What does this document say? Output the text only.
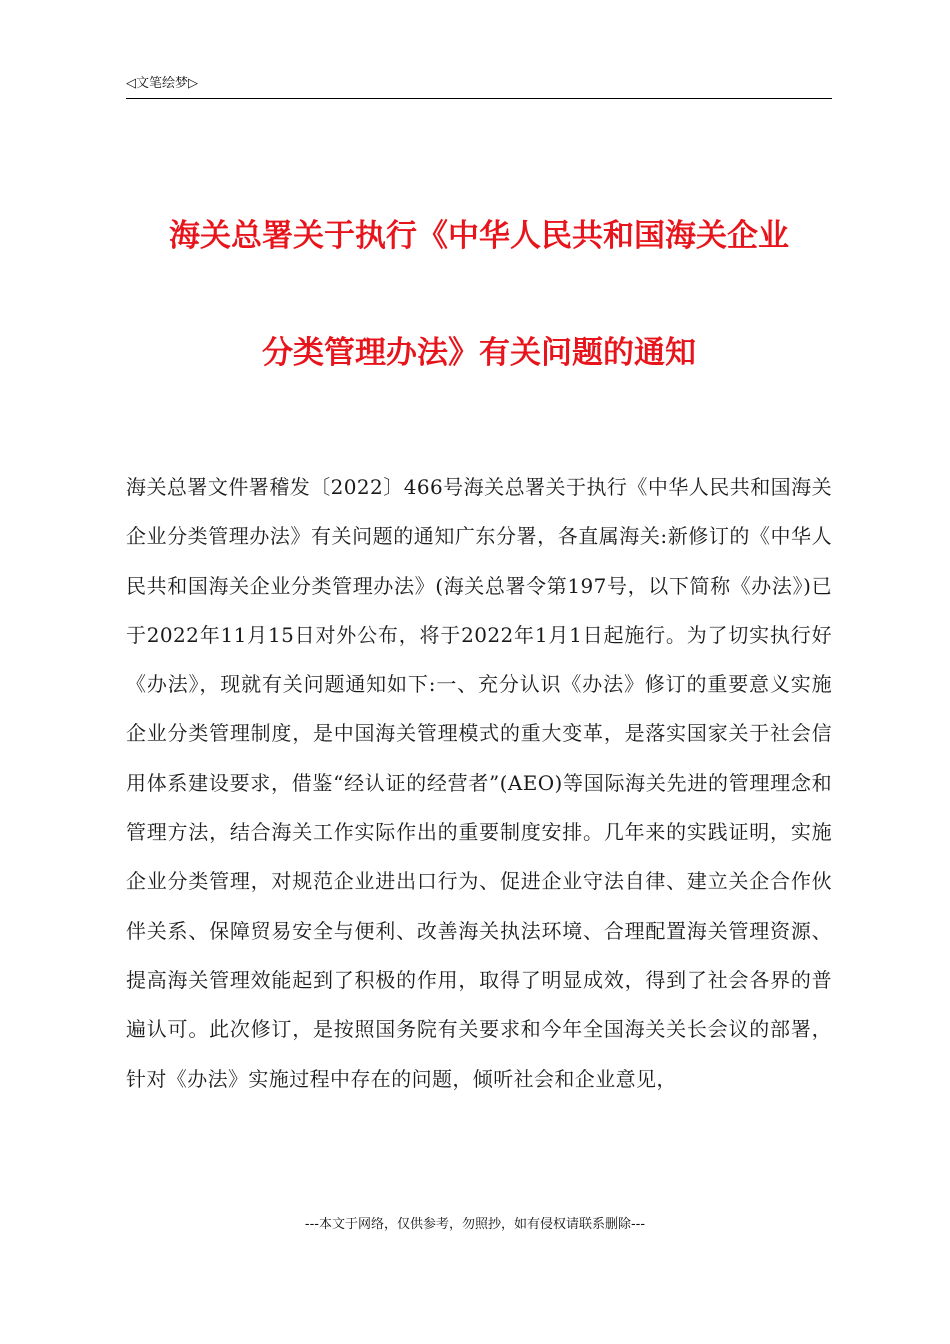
◁文笔绘梦▷
海关总署关于执行《中华人民共和国海关企业
分类管理办法》有关问题的通知

海关总署文件署稽发〔2022〕466号海关总署关于执行《中华人民共和国海关企业分类管理办法》有关问题的通知广东分署，各直属海关:新修订的《中华人民共和国海关企业分类管理办法》(海关总署令第197号，以下简称《办法》)已于2022年11月15日对外公布，将于2022年1月1日起施行。为了切实执行好《办法》，现就有关问题通知如下:一、充分认识《办法》修订的重要意义实施企业分类管理制度，是中国海关管理模式的重大变革，是落实国家关于社会信用体系建设要求，借鉴“经认证的经营者”(AEO)等国际海关先进的管理理念和管理方法，结合海关工作实际作出的重要制度安排。几年来的实践证明，实施企业分类管理，对规范企业进出口行为、促进企业守法自律、建立关企合作伙伴关系、保障贸易安全与便利、改善海关执法环境、合理配置海关管理资源、提高海关管理效能起到了积极的作用，取得了明显成效，得到了社会各界的普遍认可。此次修订，是按照国务院有关要求和今年全国海关关长会议的部署，针对《办法》实施过程中存在的问题，倾听社会和企业意见，

---本文于网络，仅供参考，勿照抄，如有侵权请联系删除---
